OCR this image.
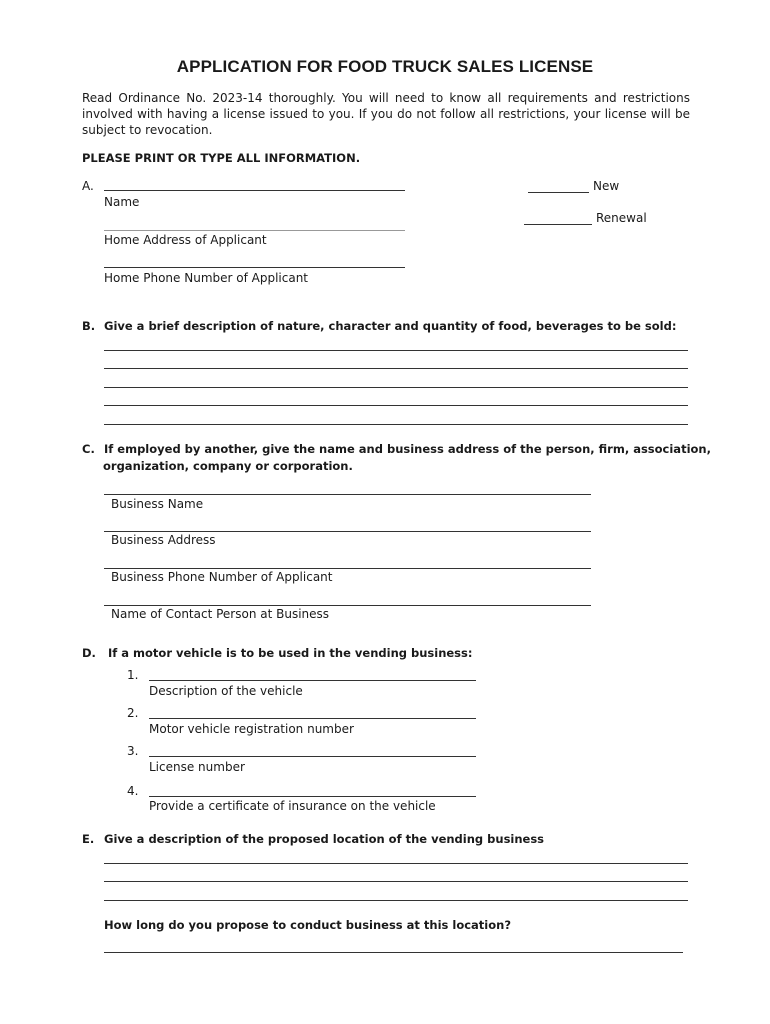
APPLICATION FOR FOOD TRUCK SALES LICENSE
Read Ordinance No. 2023-14 thoroughly. You will need to know all requirements and restrictions involved with having a license issued to you. If you do not follow all restrictions, your license will be subject to revocation.
PLEASE PRINT OR TYPE ALL INFORMATION.
A.
Name
Home Address of Applicant
Home Phone Number of Applicant
New
Renewal
B. Give a brief description of nature, character and quantity of food, beverages to be sold:
C. If employed by another, give the name and business address of the person, firm, association,
organization, company or corporation.
Business Name
Business Address
Business Phone Number of Applicant
Name of Contact Person at Business
D. If a motor vehicle is to be used in the vending business:
1.
Description of the vehicle
2.
Motor vehicle registration number
3.
License number
4.
Provide a certificate of insurance on the vehicle
E. Give a description of the proposed location of the vending business
How long do you propose to conduct business at this location?
